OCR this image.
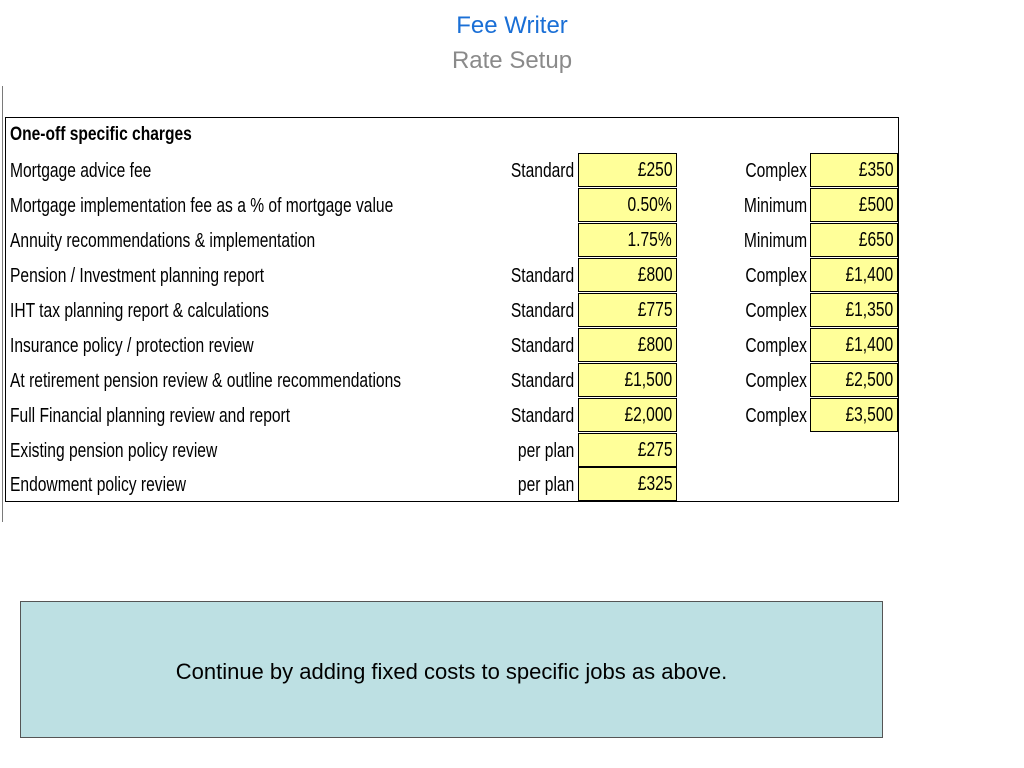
Fee Writer
Rate Setup
One-off specific charges
Mortgage advice fee	Standard	£250	Complex	£350
Mortgage implementation fee as a % of mortgage value	0.50%	Minimum	£500
Annuity recommendations & implementation	1.75%	Minimum	£650
Pension / Investment planning report	Standard	£800	Complex	£1,400
IHT tax planning report & calculations	Standard	£775	Complex	£1,350
Insurance policy / protection review	Standard	£800	Complex	£1,400
At retirement pension review & outline recommendations	Standard	£1,500	Complex	£2,500
Full Financial planning review and report	Standard	£2,000	Complex	£3,500
Existing pension policy review	per plan	£275
Endowment policy review	per plan	£325
Continue by adding fixed costs to specific jobs as above.
